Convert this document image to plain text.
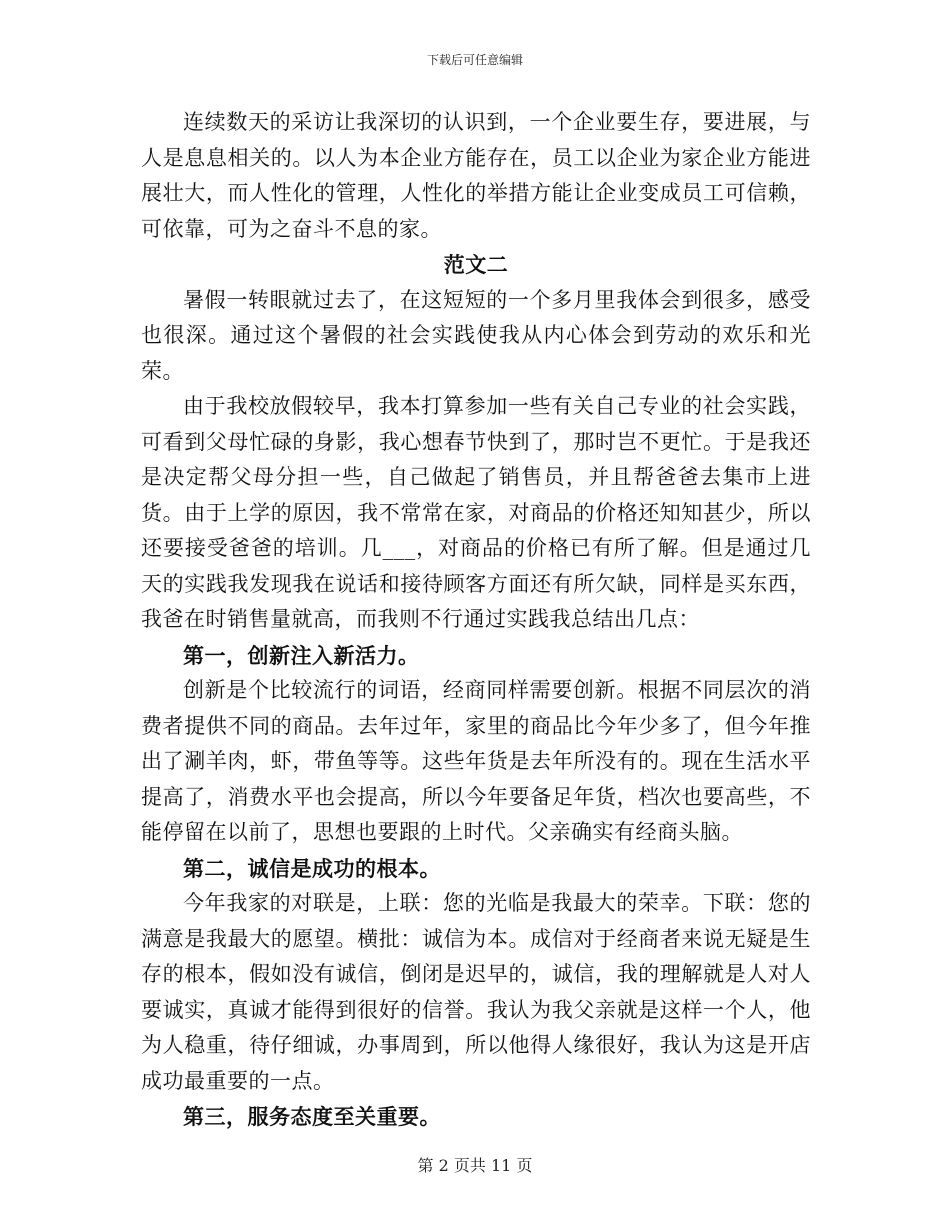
下载后可任意编辑

连续数天的采访让我深切的认识到，一个企业要生存，要进展，与人是息息相关的。以人为本企业方能存在，员工以企业为家企业方能进展壮大，而人性化的管理，人性化的举措方能让企业变成员工可信赖，可依靠，可为之奋斗不息的家。

范文二

暑假一转眼就过去了，在这短短的一个多月里我体会到很多，感受也很深。通过这个暑假的社会实践使我从内心体会到劳动的欢乐和光荣。

由于我校放假较早，我本打算参加一些有关自己专业的社会实践，可看到父母忙碌的身影，我心想春节快到了，那时岂不更忙。于是我还是决定帮父母分担一些，自己做起了销售员，并且帮爸爸去集市上进货。由于上学的原因，我不常常在家，对商品的价格还知知甚少，所以还要接受爸爸的培训。几___，对商品的价格已有所了解。但是通过几天的实践我发现我在说话和接待顾客方面还有所欠缺，同样是买东西，我爸在时销售量就高，而我则不行通过实践我总结出几点：

第一，创新注入新活力。

创新是个比较流行的词语，经商同样需要创新。根据不同层次的消费者提供不同的商品。去年过年，家里的商品比今年少多了，但今年推出了涮羊肉，虾，带鱼等等。这些年货是去年所没有的。现在生活水平提高了，消费水平也会提高，所以今年要备足年货，档次也要高些，不能停留在以前了，思想也要跟的上时代。父亲确实有经商头脑。

第二，诚信是成功的根本。

今年我家的对联是，上联：您的光临是我最大的荣幸。下联：您的满意是我最大的愿望。横批：诚信为本。成信对于经商者来说无疑是生存的根本，假如没有诚信，倒闭是迟早的，诚信，我的理解就是人对人要诚实，真诚才能得到很好的信誉。我认为我父亲就是这样一个人，他为人稳重，待仔细诚，办事周到，所以他得人缘很好，我认为这是开店成功最重要的一点。

第三，服务态度至关重要。

第 2 页共 11 页
